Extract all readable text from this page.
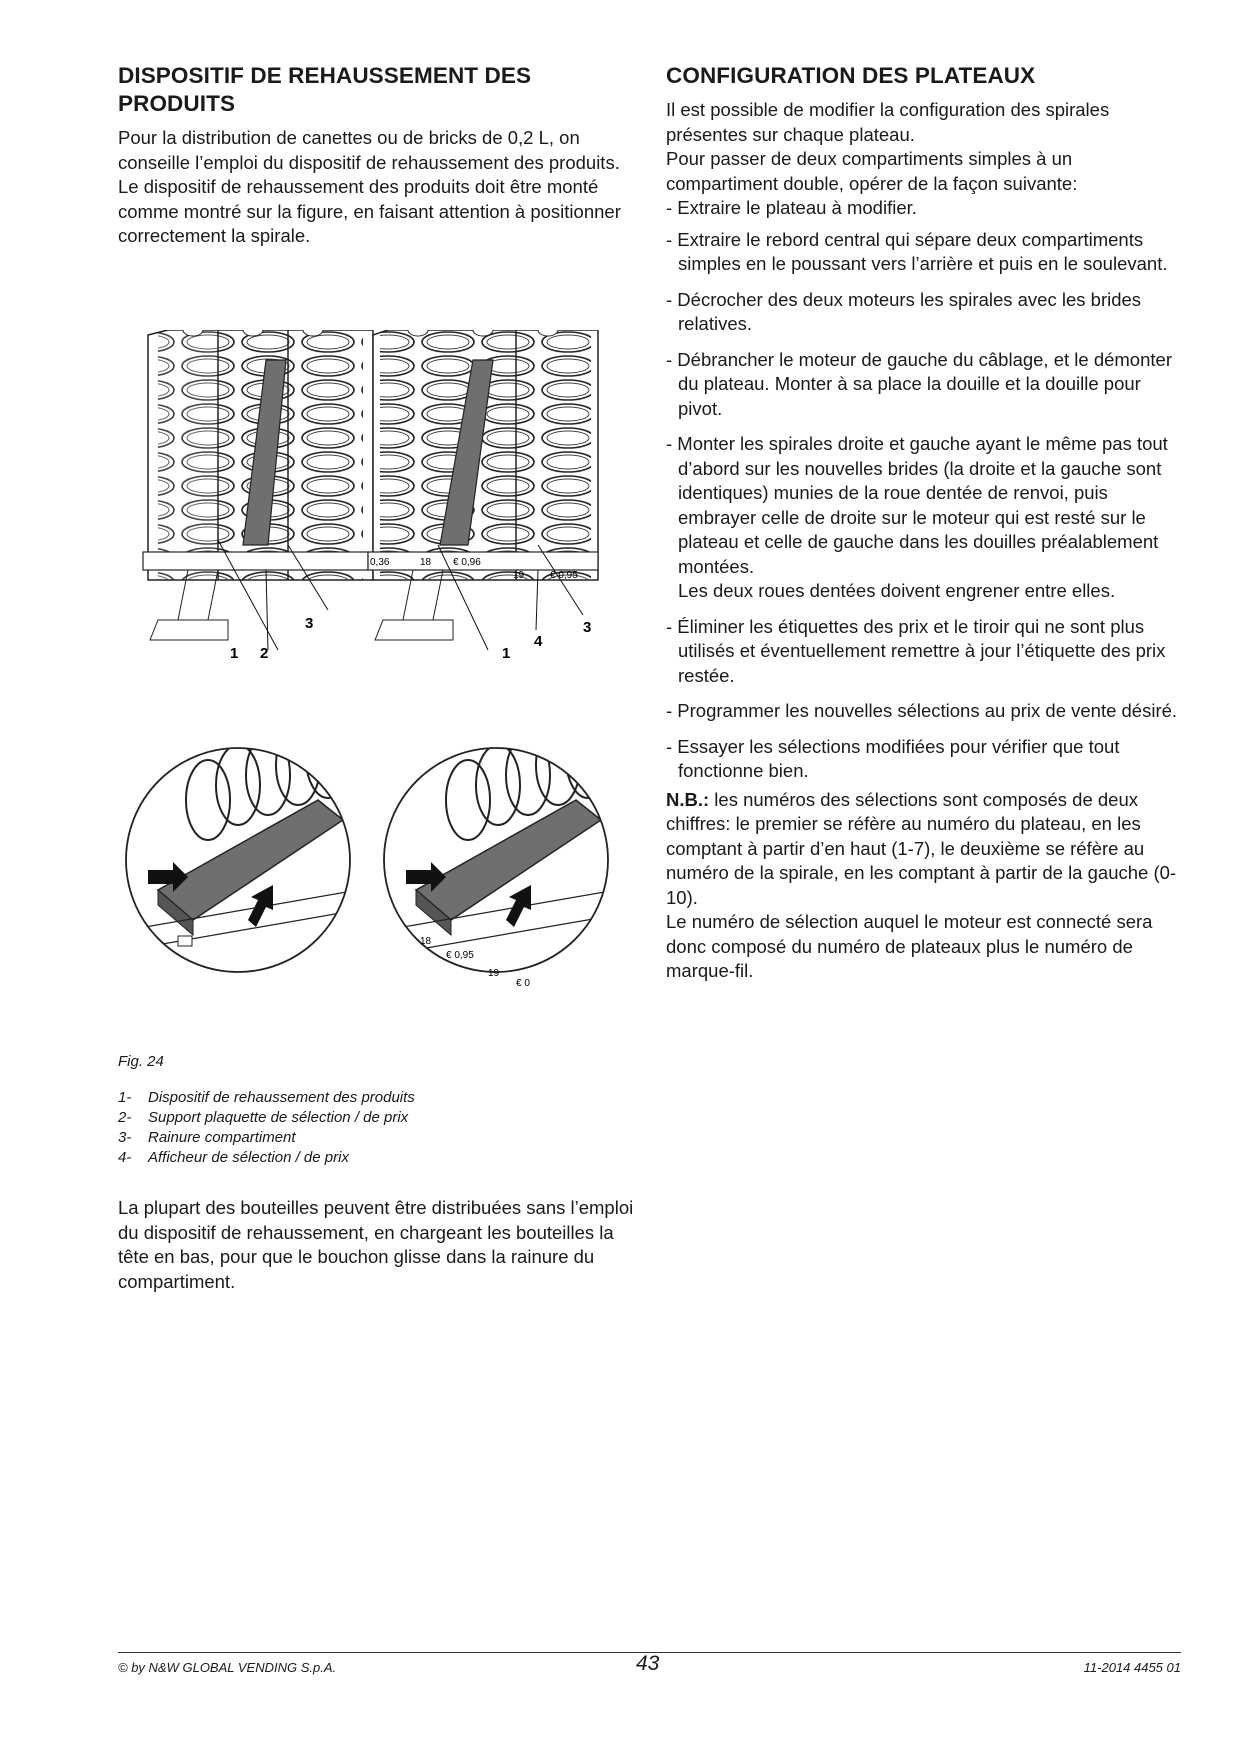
DISPOSITIF DE REHAUSSEMENT DES PRODUITS

Pour la distribution de canettes ou de bricks de 0,2 L, on conseille l’emploi du dispositif de rehaussement des produits.

Le dispositif de rehaussement des produits doit être monté comme montré sur la figure, en faisant attention à positionner correctement la spirale.

1 2
3
0,36	18 € 0,96
19	€ 0,95
1
4
3
18
€ 0,95
19
€ 0
Fig. 24
1- Dispositif de rehaussement des produits
2- Support plaquette de sélection / de prix
3- Rainure compartiment
4- Afficheur de sélection / de prix

La plupart des bouteilles peuvent être distribuées sans l’emploi du dispositif de rehaussement, en chargeant les bouteilles la tête en bas, pour que le bouchon glisse dans la rainure du compartiment.

CONFIGURATION DES PLATEAUX

Il est possible de modifier la configuration des spirales présentes sur chaque plateau.

Pour passer de deux compartiments simples à un compartiment double, opérer de la façon suivante:

- Extraire le plateau à modifier.
- Extraire le rebord central qui sépare deux compartiments simples en le poussant vers l’arrière et puis en le soulevant.
- Décrocher des deux moteurs les spirales avec les brides relatives.
- Débrancher le moteur de gauche du câblage, et le démonter du plateau. Monter à sa place la douille et la douille pour pivot.
- Monter les spirales droite et gauche ayant le même pas tout d’abord sur les nouvelles brides (la droite et la gauche sont identiques) munies de la roue dentée de renvoi, puis embrayer celle de droite sur le moteur qui est resté sur le plateau et celle de gauche dans les douilles préalablement montées.
Les deux roues dentées doivent engrener entre elles.
- Éliminer les étiquettes des prix et le tiroir qui ne sont plus utilisés et éventuellement remettre à jour l’étiquette des prix restée.
- Programmer les nouvelles sélections au prix de vente désiré.
- Essayer les sélections modifiées pour vérifier que tout fonctionne bien.

N.B.: les numéros des sélections sont composés de deux chiffres: le premier se réfère au numéro du plateau, en les comptant à partir d’en haut (1-7), le deuxième se réfère au numéro de la spirale, en les comptant à partir de la gauche (0-10).

Le numéro de sélection auquel le moteur est connecté sera donc composé du numéro de plateaux plus le numéro de marque-fil.

© by N&W GLOBAL VENDING S.p.A.	43	11-2014 4455 01
